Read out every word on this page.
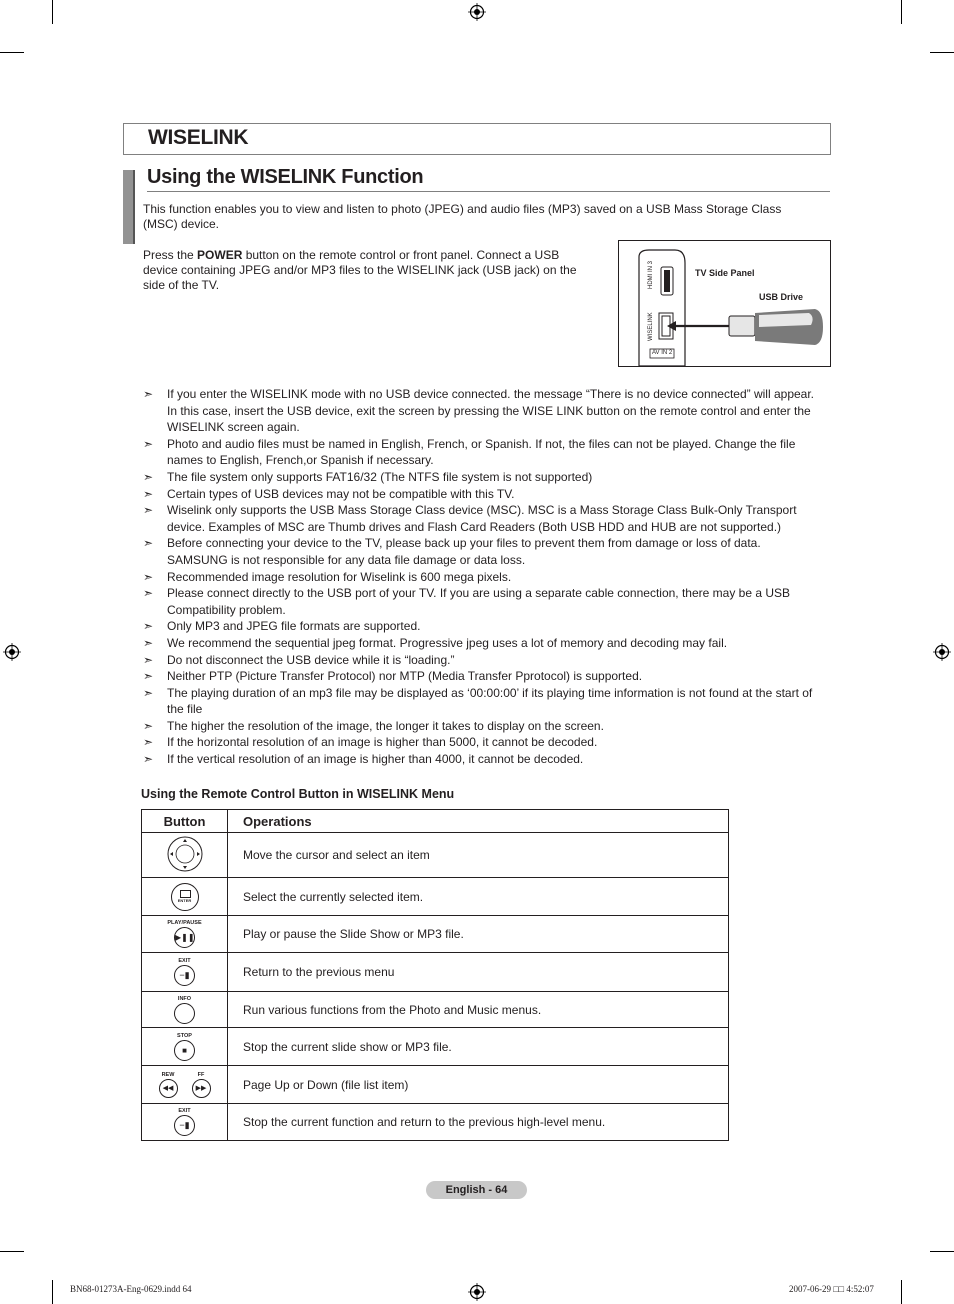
WISELINK
Using the WISELINK Function
This function enables you to view and listen to photo (JPEG) and audio files (MP3) saved on a USB Mass Storage Class (MSC) device.
Press the POWER button on the remote control or front panel. Connect a USB device containing JPEG and/or MP3 files to the WISELINK jack (USB jack) on the side of the TV.	HDMI IN 3
WISELINK
AV IN 2
TV Side Panel
USB Drive
➣ If you enter the WISELINK mode with no USB device connected. the message “There is no device connected” will appear. In this case, insert the USB device, exit the screen by pressing the WISE LINK button on the remote control and enter the WISELINK screen again.
➣ Photo and audio files must be named in English, French, or Spanish. If not, the files can not be played. Change the file names to English, French,or Spanish if necessary.
➣ The file system only supports FAT16/32 (The NTFS file system is not supported)
➣ Certain types of USB devices may not be compatible with this TV.
➣ Wiselink only supports the USB Mass Storage Class device (MSC). MSC is a Mass Storage Class Bulk-Only Transport device. Examples of MSC are Thumb drives and Flash Card Readers (Both USB HDD and HUB are not supported.)
➣ Before connecting your device to the TV, please back up your files to prevent them from damage or loss of data. SAMSUNG is not responsible for any data file damage or data loss.
➣ Recommended image resolution for Wiselink is 600 mega pixels.
➣ Please connect directly to the USB port of your TV. If you are using a separate cable connection, there may be a USB Compatibility problem.
➣ Only MP3 and JPEG file formats are supported.
➣ We recommend the sequential jpeg format. Progressive jpeg uses a lot of memory and decoding may fail.
➣ Do not disconnect the USB device while it is “loading.”
➣ Neither PTP (Picture Transfer Protocol) nor MTP (Media Transfer Pprotocol) is supported.
➣ The playing duration of an mp3 file may be displayed as ‘00:00:00’ if its playing time information is not found at the start of the file
➣ The higher the resolution of the image, the longer it takes to display on the screen.
➣ If the horizontal resolution of an image is higher than 5000, it cannot be decoded.
➣ If the vertical resolution of an image is higher than 4000, it cannot be decoded.
Using the Remote Control Button in WISELINK Menu
Button	Operations
	Move the cursor and select an item

ENTER	Select the currently selected item.

PLAY/PAUSE
▶❚❚	Play or pause the Slide Show or MP3 file.

EXIT
−▮	Return to the previous menu

INFO	Run various functions from the Photo and Music menus.

STOP
■	Stop the current slide show or MP3 file.

REW
◀◀
FF
▶▶	Page Up or Down (file list item)

EXIT
−▮	Stop the current function and return to the previous high-level menu.
English - 64
BN68-01273A-Eng-0629.indd 64	2007-06-29 □□ 4:52:07
